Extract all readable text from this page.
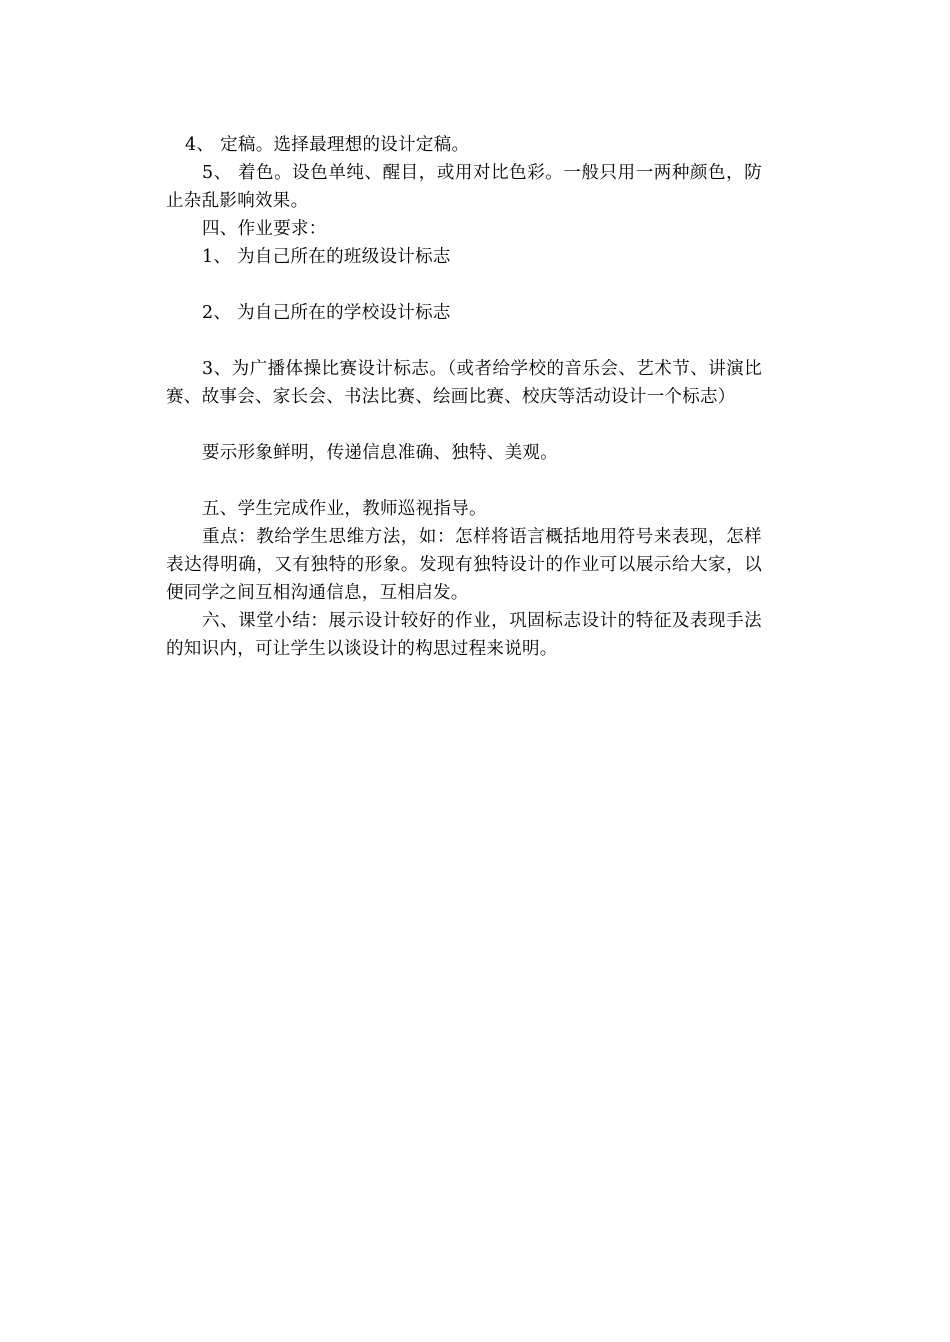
4、 定稿。选择最理想的设计定稿。

5、 着色。设色单纯、醒目，或用对比色彩。一般只用一两种颜色，防止杂乱影响效果。

四、作业要求：

1、 为自己所在的班级设计标志

2、 为自己所在的学校设计标志

3、为广播体操比赛设计标志。（或者给学校的音乐会、艺术节、讲演比赛、故事会、家长会、书法比赛、绘画比赛、校庆等活动设计一个标志）

要示形象鲜明，传递信息准确、独特、美观。

五、学生完成作业，教师巡视指导。

重点：教给学生思维方法，如：怎样将语言概括地用符号来表现，怎样表达得明确，又有独特的形象。发现有独特设计的作业可以展示给大家，以便同学之间互相沟通信息，互相启发。

六、课堂小结：展示设计较好的作业，巩固标志设计的特征及表现手法的知识内，可让学生以谈设计的构思过程来说明。
